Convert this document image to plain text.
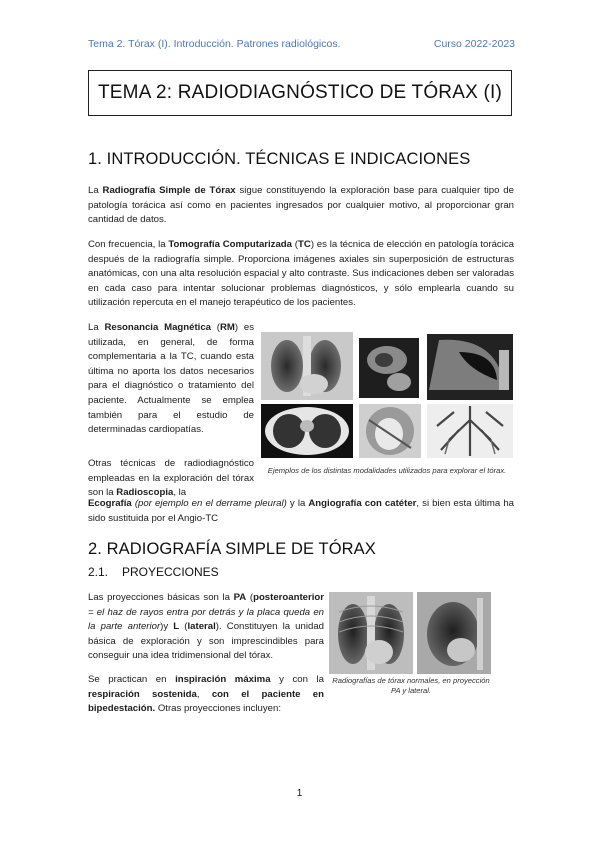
Tema 2. Tórax (I). Introducción. Patrones radiológicos.	Curso 2022-2023
TEMA 2: RADIODIAGNÓSTICO DE TÓRAX (I)
1. INTRODUCCIÓN. TÉCNICAS E INDICACIONES
La Radiografía Simple de Tórax sigue constituyendo la exploración base para cualquier tipo de patología torácica así como en pacientes ingresados por cualquier motivo, al proporcionar gran cantidad de datos.
Con frecuencia, la Tomografía Computarizada (TC) es la técnica de elección en patología torácica después de la radiografía simple. Proporciona imágenes axiales sin superposición de estructuras anatómicas, con una alta resolución espacial y alto contraste. Sus indicaciones deben ser valoradas en cada caso para intentar solucionar problemas diagnósticos, y sólo emplearla cuando su utilización repercuta en el manejo terapéutico de los pacientes.
La Resonancia Magnética (RM) es utilizada, en general, de forma complementaria a la TC, cuando esta última no aporta los datos necesarios para el diagnóstico o tratamiento del paciente. Actualmente se emplea también para el estudio de determinadas cardiopatías.
Otras técnicas de radiodiagnóstico empleadas en la exploración del tórax son la Radioscopia, la
Ecografía (por ejemplo en el derrame pleural) y la Angiografía con catéter, si bien esta última ha sido sustituida por el Angio-TC
Ejemplos de los distintas modalidades utilizados para explorar el tórax.
2. RADIOGRAFÍA SIMPLE DE TÓRAX
2.1. PROYECCIONES
Las proyecciones básicas son la PA (posteroanterior = el haz de rayos entra por detrás y la placa queda en la parte anterior)y L (lateral). Constituyen la unidad básica de exploración y son imprescindibles para conseguir una idea tridimensional del tórax.
Se practican en inspiración máxima y con la respiración sostenida, con el paciente en bipedestación. Otras proyecciones incluyen:
Radiografías de tórax normales, en proyección PA y lateral.
1
